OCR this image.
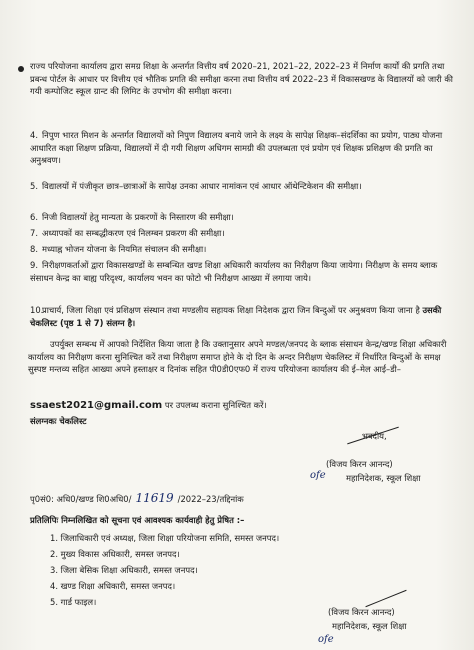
राज्य परियोजना कार्यालय द्वारा समग्र शिक्षा के अन्तर्गत वित्तीय वर्ष 2020–21, 2021–22, 2022–23 में निर्माण कार्यों की प्रगति तथा प्रबन्ध पोर्टल के आधार पर वित्तीय एवं भौतिक प्रगति की समीक्षा करना तथा वित्तीय वर्ष 2022–23 में विकासखण्ड के विद्यालयों को जारी की गयी कम्पोजिट स्कूल ग्रान्ट की लिमिट के उपभोग की समीक्षा करना।
4. निपुण भारत मिशन के अन्तर्गत विद्यालयों को निपुण विद्यालय बनाये जाने के लक्ष्य के सापेक्ष शिक्षक–संदर्शिका का प्रयोग, पाठ्य योजना आधारित कक्षा शिक्षण प्रक्रिया, विद्यालयों में दी गयी शिक्षण अधिगम सामग्री की उपलब्धता एवं प्रयोग एवं शिक्षक प्रशिक्षण की प्रगति का अनुश्रवण।
5. विद्यालयों में पंजीकृत छात्र–छात्राओं के सापेक्ष उनका आधार नामांकन एवं आधार ऑथेन्टिकेशन की समीक्षा।
6. निजी विद्यालयों हेतु मान्यता के प्रकरणों के निस्तारण की समीक्षा।
7. अध्यापकों का सम्बद्धीकरण एवं निलम्बन प्रकरण की समीक्षा।
8. मध्याह्न भोजन योजना के नियमित संचालन की समीक्षा।
9. निरीक्षणकर्ताओं द्वारा विकासखण्डों के सम्बन्धित खण्ड शिक्षा अधिकारी कार्यालय का निरीक्षण किया जायेगा। निरीक्षण के समय ब्लाक संसाधन केन्द्र का बाह्य परिदृश्य, कार्यालय भवन का फोटो भी निरीक्षण आख्या में लगाया जाये।
10.प्राचार्य, जिला शिक्षा एवं प्रशिक्षण संस्थान तथा मण्डलीय सहायक शिक्षा निदेशक द्वारा जिन बिन्दुओं पर अनुश्रवण किया जाना है उसकी चेकलिस्ट (पृष्ठ 1 से 7) संलग्न है।
उपर्युक्त सम्बन्ध में आपको निर्देशित किया जाता है कि उक्तानुसार अपने मण्डल/जनपद के ब्लाक संसाधन केन्द्र/खण्ड शिक्षा अधिकारी कार्यालय का निरीक्षण करना सुनिश्चित करें तथा निरीक्षण समाप्त होने के दो दिन के अन्दर निरीक्षण चेकलिस्ट में निर्धारित बिन्दुओं के समक्ष सुस्पष्ट मन्तव्य सहित आख्या अपने हस्ताक्षर व दिनांक सहित पी0डी0एफ0 में राज्य परियोजना कार्यालय की ई–मेल आई–डी–
ssaest2021@gmail.com पर उपलब्ध कराना सुनिश्चित करें।
संलग्नकः चेकलिस्ट
भवदीय,
(विजय किरन आनन्द)
ofe महानिदेशक, स्कूल शिक्षा
पृ0सं0: अधि0/खण्ड शि0अधि0/ 11619 /2022–23/तद्दिनांक
प्रतिलिपिः निम्नलिखित को सूचना एवं आवश्यक कार्यवाही हेतु प्रेषित :–
1. जिलाधिकारी एवं अध्यक्ष, जिला शिक्षा परियोजना समिति, समस्त जनपद।
2. मुख्य विकास अधिकारी, समस्त जनपद।
3. जिला बेसिक शिक्षा अधिकारी, समस्त जनपद।
4. खण्ड शिक्षा अधिकारी, समस्त जनपद।
5. गार्ड फाइल।
(विजय किरन आनन्द)
महानिदेशक, स्कूल शिक्षा
ofe
